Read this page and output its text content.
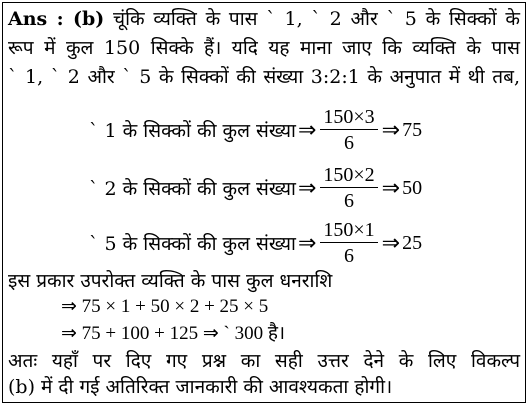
Ans : (b) चूंकि व्यक्ति के पास ` 1, ` 2 और ` 5 के सिक्कों के
रूप में कुल 150 सिक्के हैं। यदि यह माना जाए कि व्यक्ति के पास
` 1, ` 2 और ` 5 के सिक्कों की संख्या 3:2:1 के अनुपात में थी तब,
` 1 के सिक्कों की कुल संख्या ⇒ $\frac{150\times 3}{6}$ ⇒ 75
` 2 के सिक्कों की कुल संख्या ⇒ $\frac{150\times 2}{6}$ ⇒ 50
` 5 के सिक्कों की कुल संख्या ⇒ $\frac{150\times 1}{6}$ ⇒ 25
इस प्रकार उपरोक्त व्यक्ति के पास कुल धनराशि
⇒ 75 × 1 + 50 × 2 + 25 × 5
⇒ 75 + 100 + 125 ⇒ ` 300 है।
अतः यहाँ पर दिए गए प्रश्न का सही उत्तर देने के लिए विकल्प
(b) में दी गई अतिरिक्त जानकारी की आवश्यकता होगी।
